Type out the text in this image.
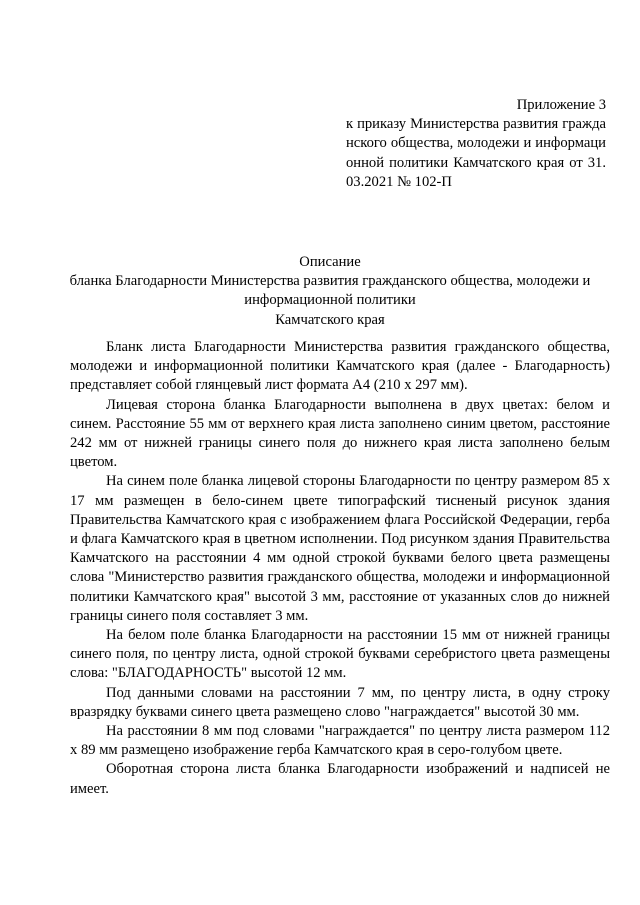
Приложение 3
к приказу Министерства развития гражданского общества, молодежи и информационной политики Камчатского края от 31.03.2021 № 102-П
Описание
бланка Благодарности Министерства развития гражданского общества, молодежи и информационной политики
Камчатского края

Бланк листа Благодарности Министерства развития гражданского общества, молодежи и информационной политики Камчатского края (далее - Благодарность) представляет собой глянцевый лист формата А4 (210 х 297 мм).

Лицевая сторона бланка Благодарности выполнена в двух цветах: белом и синем. Расстояние 55 мм от верхнего края листа заполнено синим цветом, расстояние 242 мм от нижней границы синего поля до нижнего края листа заполнено белым цветом.

На синем поле бланка лицевой стороны Благодарности по центру размером 85 х 17 мм размещен в бело-синем цвете типографский тисненый рисунок здания Правительства Камчатского края с изображением флага Российской Федерации, герба и флага Камчатского края в цветном исполнении. Под рисунком здания Правительства Камчатского на расстоянии 4 мм одной строкой буквами белого цвета размещены слова "Министерство развития гражданского общества, молодежи и информационной политики Камчатского края" высотой 3 мм, расстояние от указанных слов до нижней границы синего поля составляет 3 мм.

На белом поле бланка Благодарности на расстоянии 15 мм от нижней границы синего поля, по центру листа, одной строкой буквами серебристого цвета размещены слова: "БЛАГОДАРНОСТЬ" высотой 12 мм.

Под данными словами на расстоянии 7 мм, по центру листа, в одну строку вразрядку буквами синего цвета размещено слово "награждается" высотой 30 мм.

На расстоянии 8 мм под словами "награждается" по центру листа размером 112 х 89 мм размещено изображение герба Камчатского края в серо-голубом цвете.

Оборотная сторона листа бланка Благодарности изображений и надписей не имеет.
